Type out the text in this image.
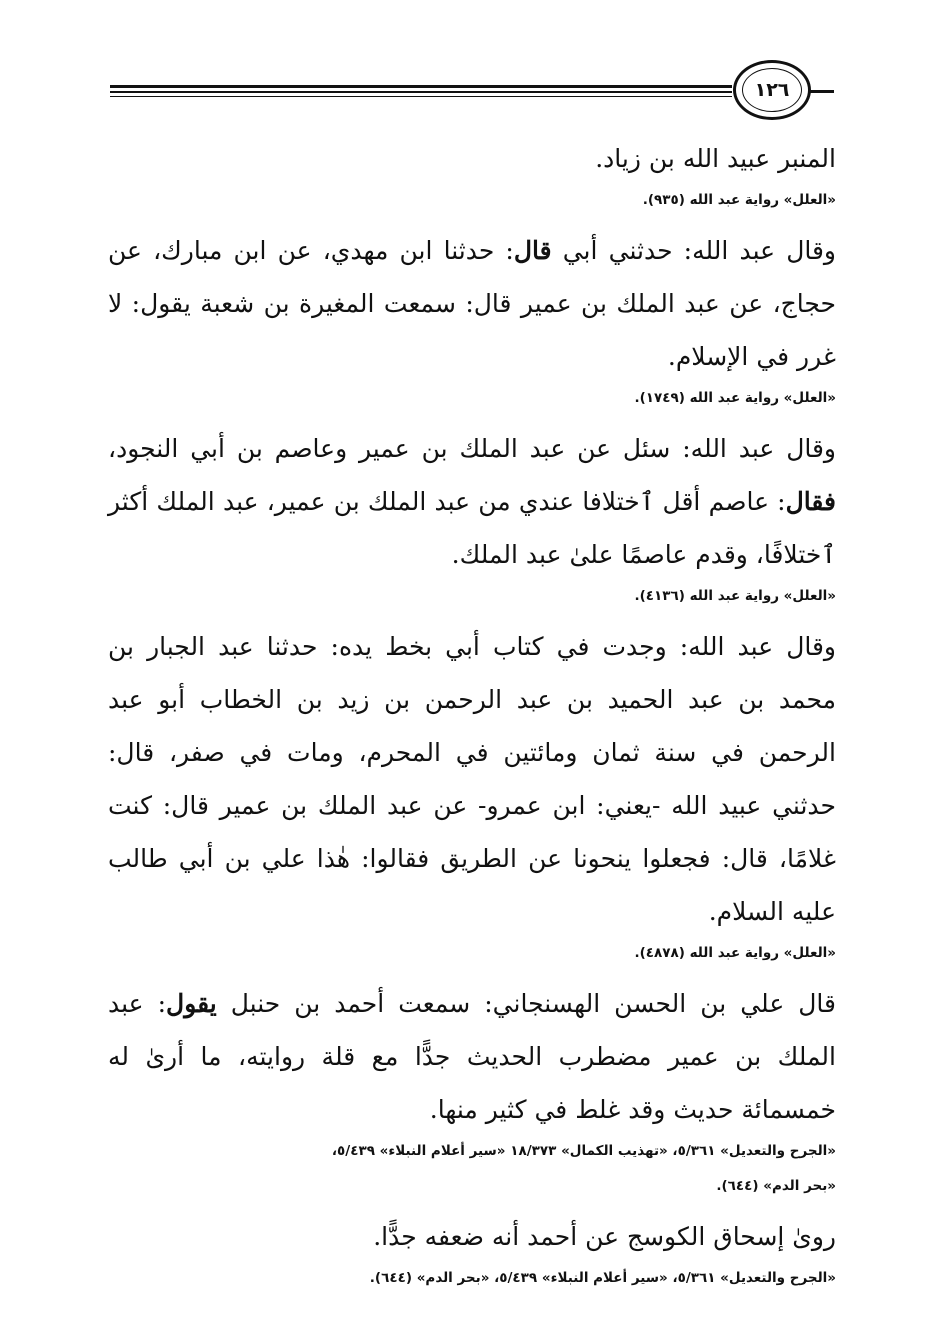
١٢٦

المنبر عبيد الله بن زياد.

«العلل» رواية عبد الله (٩٣٥).

وقال عبد الله: حدثني أبي قال: حدثنا ابن مهدي، عن ابن مبارك، عن حجاج، عن عبد الملك بن عمير قال: سمعت المغيرة بن شعبة يقول: لا غرر في الإسلام.

«العلل» رواية عبد الله (١٧٤٩).

وقال عبد الله: سئل عن عبد الملك بن عمير وعاصم بن أبي النجود، فقال: عاصم أقل ٱختلافا عندي من عبد الملك بن عمير، عبد الملك أكثر ٱختلافًا، وقدم عاصمًا علىٰ عبد الملك.

«العلل» رواية عبد الله (٤١٣٦).

وقال عبد الله: وجدت في كتاب أبي بخط يده: حدثنا عبد الجبار بن محمد بن عبد الحميد بن عبد الرحمن بن زيد بن الخطاب أبو عبد الرحمن في سنة ثمان ومائتين في المحرم، ومات في صفر، قال: حدثني عبيد الله -يعني: ابن عمرو- عن عبد الملك بن عمير قال: كنت غلامًا، قال: فجعلوا ينحونا عن الطريق فقالوا: هٰذا علي بن أبي طالب عليه السلام.

«العلل» رواية عبد الله (٤٨٧٨).

قال علي بن الحسن الهسنجاني: سمعت أحمد بن حنبل يقول: عبد الملك بن عمير مضطرب الحديث جدًّا مع قلة روايته، ما أرىٰ له خمسمائة حديث وقد غلط في كثير منها.

«الجرح والتعديل» ٥/٣٦١، «تهذيب الكمال» ١٨/٣٧٣ «سير أعلام النبلاء» ٥/٤٣٩،

«بحر الدم» (٦٤٤).

روىٰ إسحاق الكوسج عن أحمد أنه ضعفه جدًّا.

«الجرح والتعديل» ٥/٣٦١، «سير أعلام النبلاء» ٥/٤٣٩، «بحر الدم» (٦٤٤).
